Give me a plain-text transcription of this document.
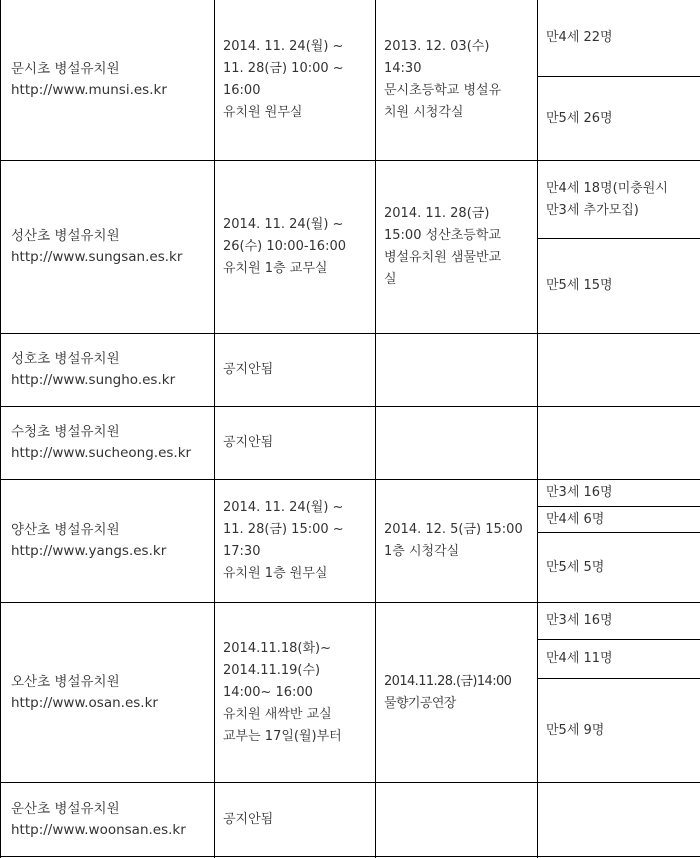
문시초 병설유치원
http://www.munsi.es.kr
2014. 11. 24(월) ~
11. 28(금) 10:00 ~
16:00
유치원 원무실
2013. 12. 03(수)
14:30
문시초등학교 병설유
치원 시청각실
만4세 22명
만5세 26명
성산초 병설유치원
http://www.sungsan.es.kr
2014. 11. 24(월) ~
26(수) 10:00-16:00
유치원 1층 교무실
2014. 11. 28(금)
15:00 성산초등학교
병설유치원 샘물반교
실
만4세 18명(미충원시
만3세 추가모집)
만5세 15명
성호초 병설유치원
http://www.sungho.es.kr
공지안됨
수청초 병설유치원
http://www.sucheong.es.kr
공지안됨
양산초 병설유치원
http://www.yangs.es.kr
2014. 11. 24(월) ~
11. 28(금) 15:00 ~
17:30
유치원 1층 원무실
2014. 12. 5(금) 15:00
1층 시청각실
만3세 16명
만4세 6명
만5세 5명
오산초 병설유치원
http://www.osan.es.kr
2014.11.18(화)~
2014.11.19(수)
14:00~ 16:00
유치원 새싹반 교실
교부는 17일(월)부터
2014.11.28.(금)14:00
물향기공연장
만3세 16명
만4세 11명
만5세 9명
운산초 병설유치원
http://www.woonsan.es.kr
공지안됨
